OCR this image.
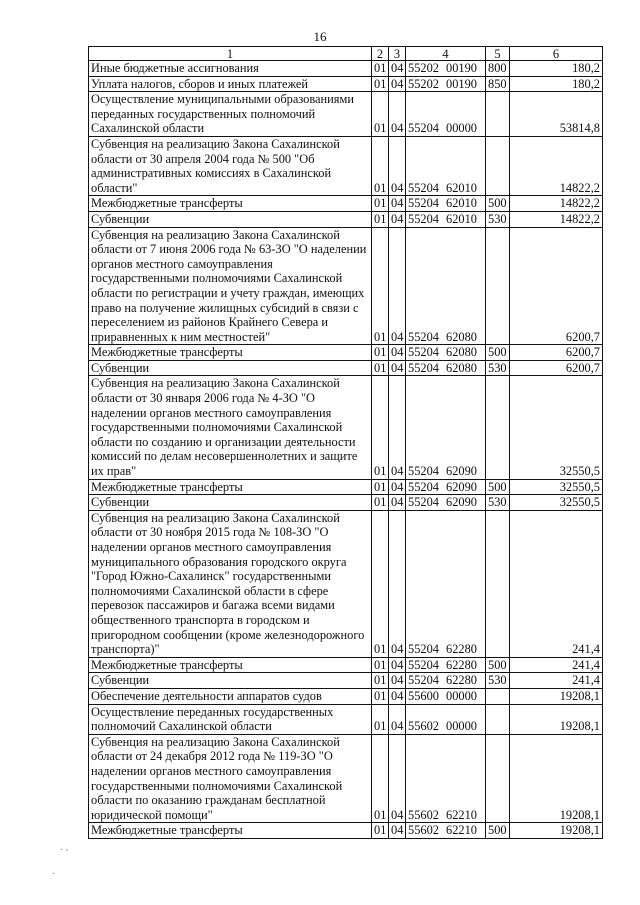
16
1	2	3	4	5	6

Иные бюджетные ассигнования	01	04	55202 00190	800	180,2

Уплата налогов, сборов и иных платежей	01	04	55202 00190	850	180,2

Осуществление муниципальными образованиями переданных государственных полномочий Сахалинской области	01	04	55204 00000		53814,8

Субвенция на реализацию Закона Сахалинской области от 30 апреля 2004 года № 500 "Об административных комиссиях в Сахалинской области"	01	04	55204 62010		14822,2

Межбюджетные трансферты	01	04	55204 62010	500	14822,2

Субвенции	01	04	55204 62010	530	14822,2

Субвенция на реализацию Закона Сахалинской области от 7 июня 2006 года № 63-ЗО "О наделении органов местного самоуправления государственными полномочиями Сахалинской области по регистрации и учету граждан, имеющих право на получение жилищных субсидий в связи с переселением из районов Крайнего Севера и приравненных к ним местностей"	01	04	55204 62080		6200,7

Межбюджетные трансферты	01	04	55204 62080	500	6200,7

Субвенции	01	04	55204 62080	530	6200,7

Субвенция на реализацию Закона Сахалинской области от 30 января 2006 года № 4-ЗО "О наделении органов местного самоуправления государственными полномочиями Сахалинской области по созданию и организации деятельности комиссий по делам несовершеннолетних и защите их прав"	01	04	55204 62090		32550,5

Межбюджетные трансферты	01	04	55204 62090	500	32550,5

Субвенции	01	04	55204 62090	530	32550,5

Субвенция на реализацию Закона Сахалинской области от 30 ноября 2015 года № 108-ЗО "О наделении органов местного самоуправления муниципального образования городского округа "Город Южно-Сахалинск" государственными полномочиями Сахалинской области в сфере перевозок пассажиров и багажа всеми видами общественного транспорта в городском и пригородном сообщении (кроме железнодорожного транспорта)"	01	04	55204 62280		241,4

Межбюджетные трансферты	01	04	55204 62280	500	241,4

Субвенции	01	04	55204 62280	530	241,4

Обеспечение деятельности аппаратов судов	01	04	55600 00000		19208,1

Осуществление переданных государственных полномочий Сахалинской области	01	04	55602 00000		19208,1

Субвенция на реализацию Закона Сахалинской области от 24 декабря 2012 года № 119-ЗО "О наделении органов местного самоуправления государственными полномочиями Сахалинской области по оказанию гражданам бесплатной юридической помощи"	01	04	55602 62210		19208,1

Межбюджетные трансферты	01	04	55602 62210	500	19208,1
. ,
.
